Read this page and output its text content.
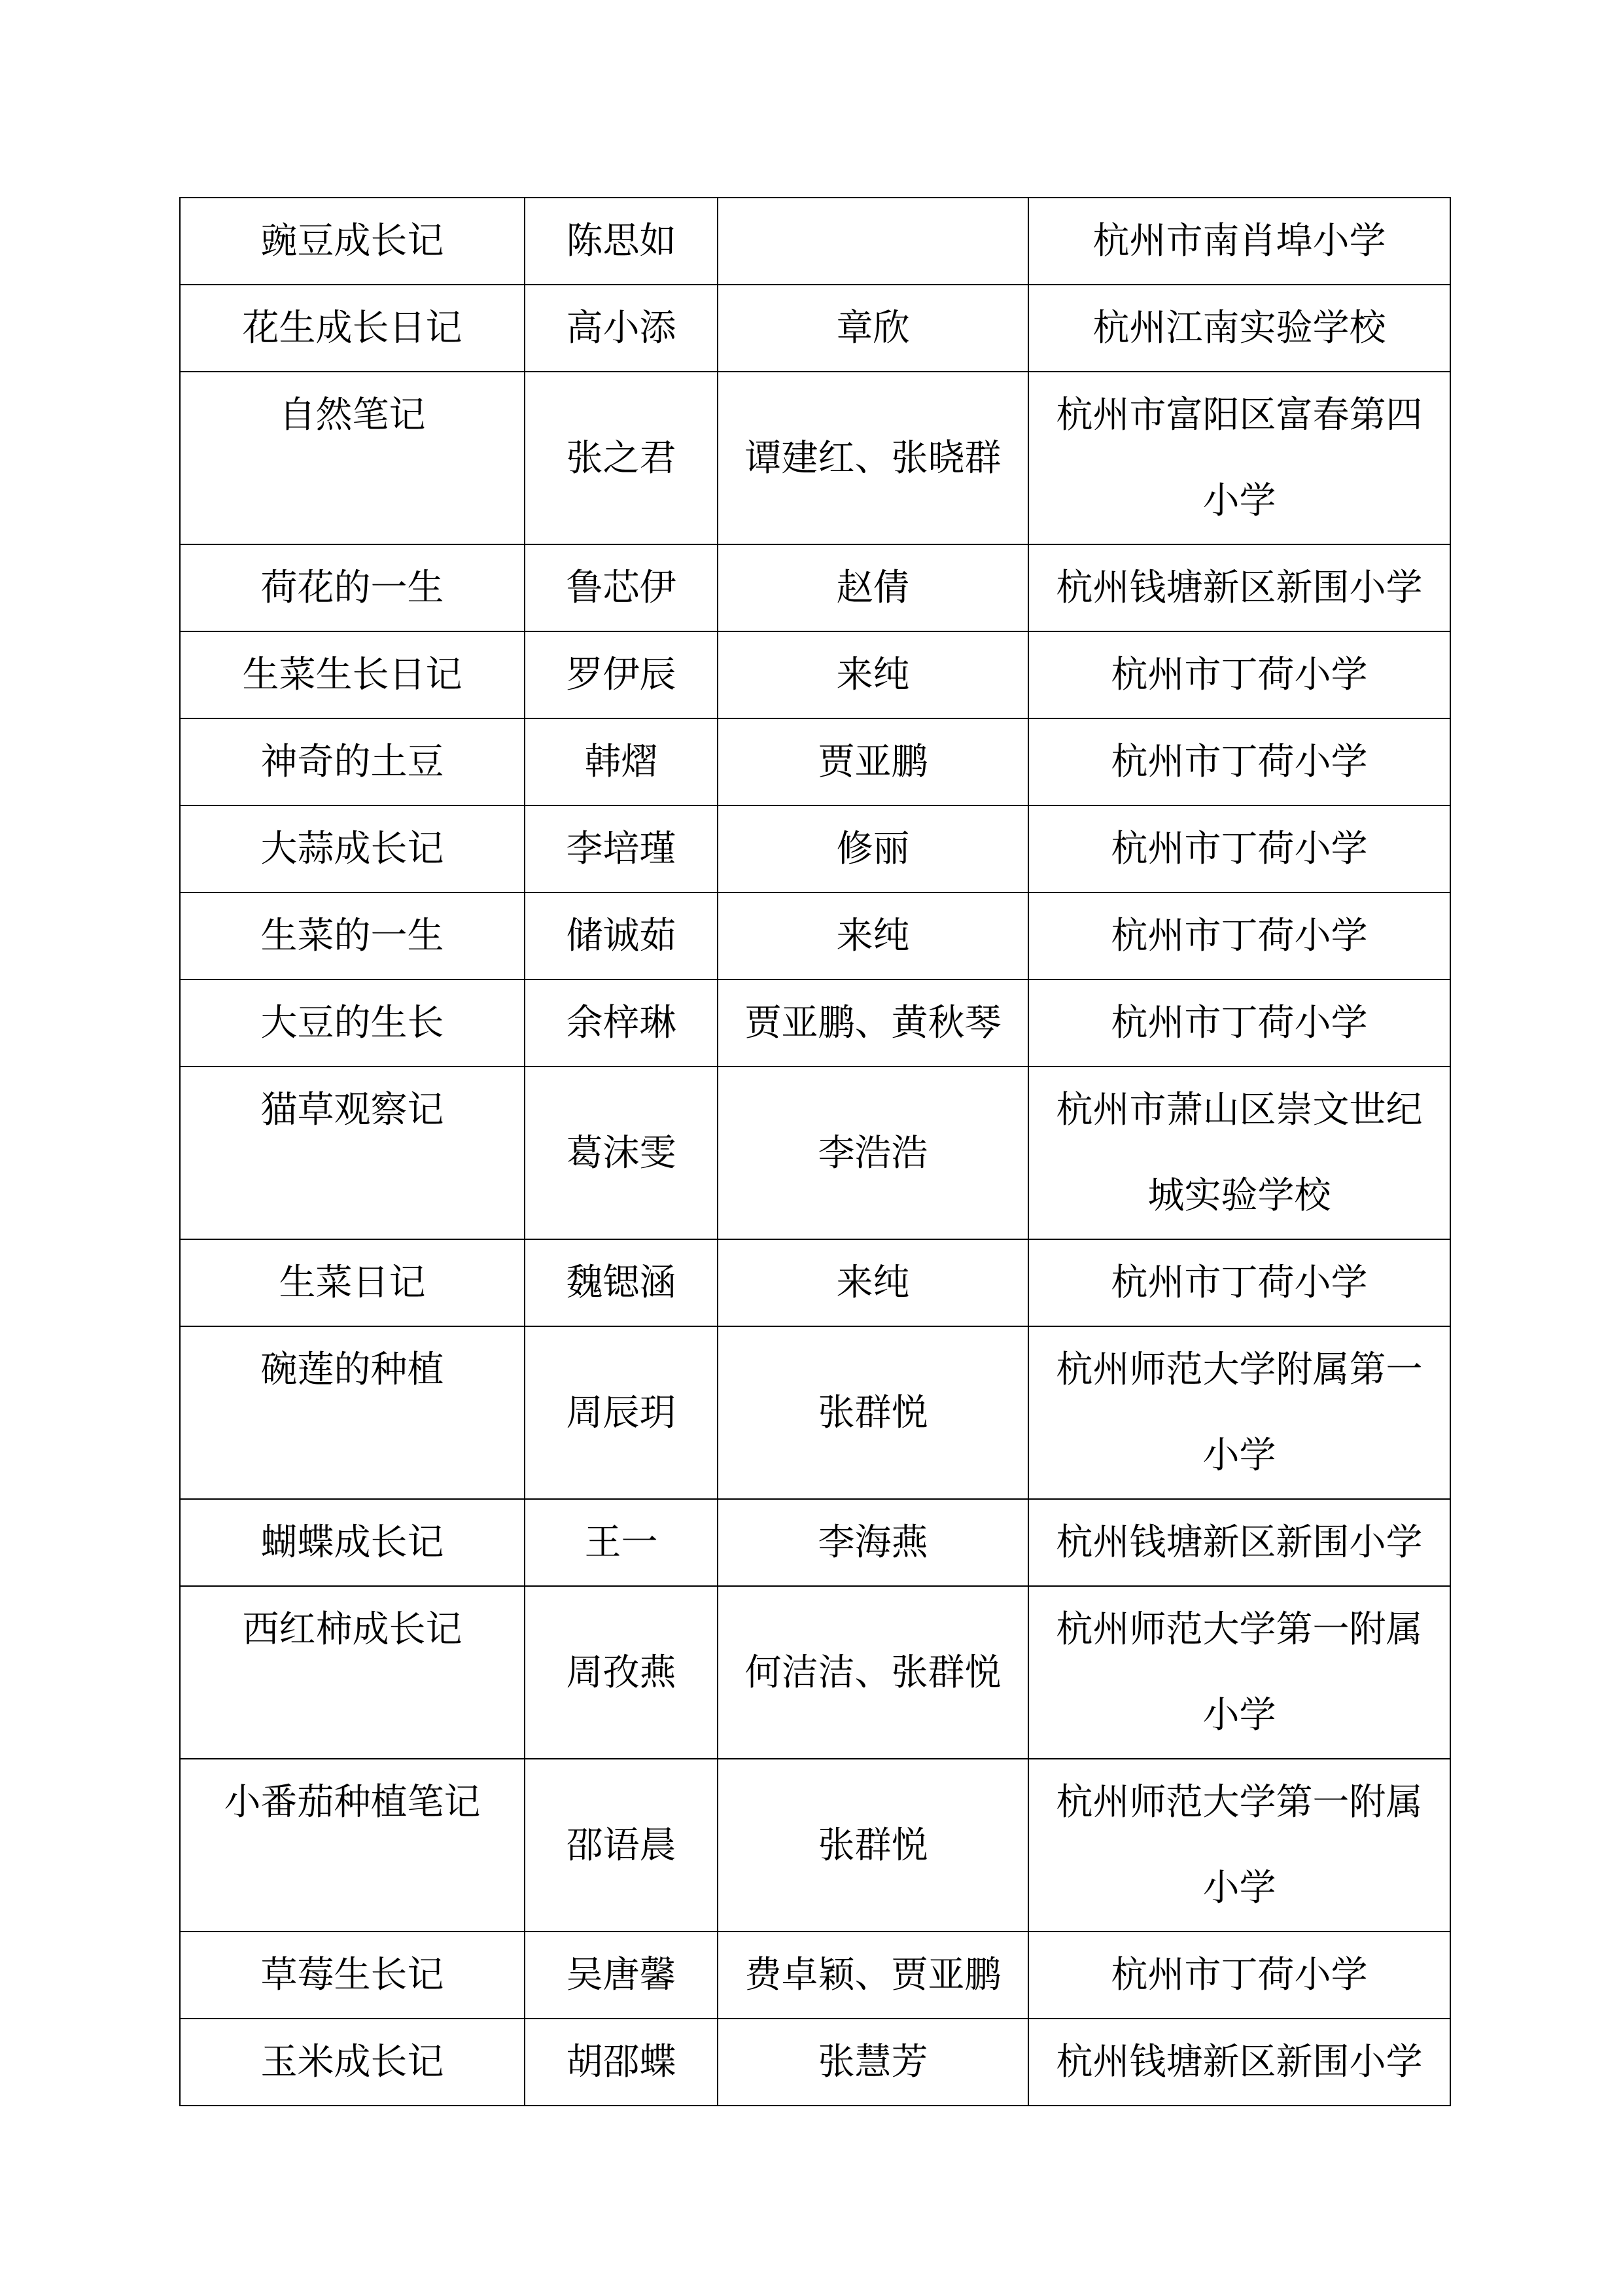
豌豆成长记	陈思如		杭州市南肖埠小学
花生成长日记	高小添	章欣	杭州江南实验学校
自然笔记	张之君	谭建红、张晓群	杭州市富阳区富春第四小学
荷花的一生	鲁芯伊	赵倩	杭州钱塘新区新围小学
生菜生长日记	罗伊辰	来纯	杭州市丁荷小学
神奇的土豆	韩熠	贾亚鹏	杭州市丁荷小学
大蒜成长记	李培瑾	修丽	杭州市丁荷小学
生菜的一生	储诚茹	来纯	杭州市丁荷小学
大豆的生长	余梓琳	贾亚鹏、黄秋琴	杭州市丁荷小学
猫草观察记	葛沫雯	李浩浩	杭州市萧山区崇文世纪城实验学校
生菜日记	魏锶涵	来纯	杭州市丁荷小学
碗莲的种植	周辰玥	张群悦	杭州师范大学附属第一小学
蝴蝶成长记	王一	李海燕	杭州钱塘新区新围小学
西红柿成长记	周孜燕	何洁洁、张群悦	杭州师范大学第一附属小学
小番茄种植笔记	邵语晨	张群悦	杭州师范大学第一附属小学
草莓生长记	吴唐馨	费卓颖、贾亚鹏	杭州市丁荷小学
玉米成长记	胡邵蝶	张慧芳	杭州钱塘新区新围小学
